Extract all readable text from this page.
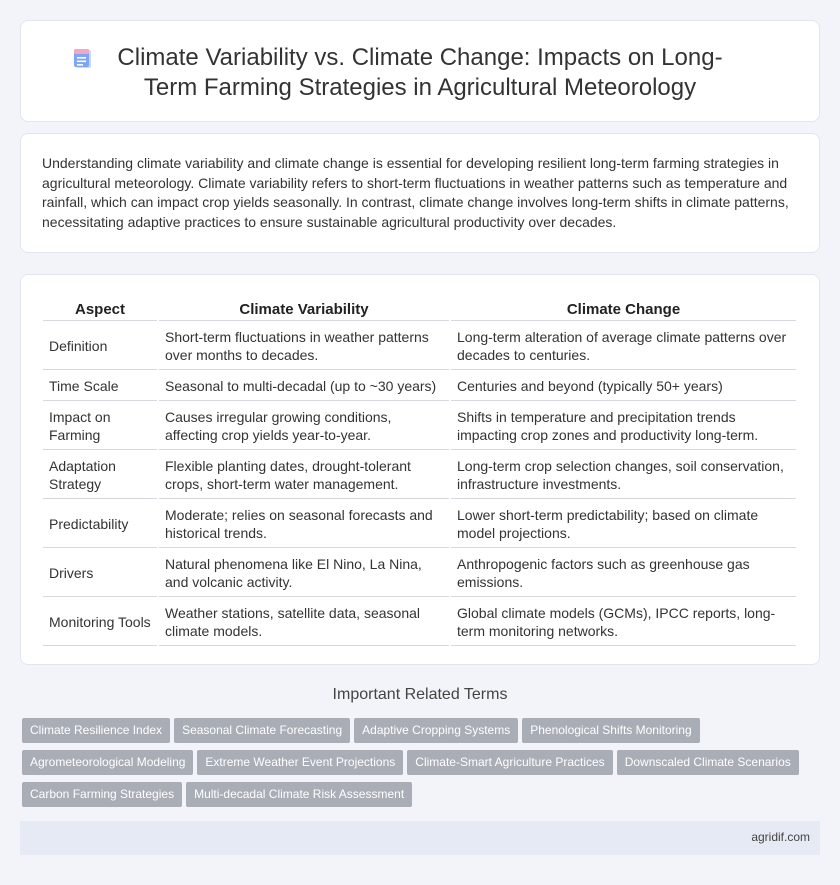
Climate Variability vs. Climate Change: Impacts on Long-Term Farming Strategies in Agricultural Meteorology

Understanding climate variability and climate change is essential for developing resilient long-term farming strategies in agricultural meteorology. Climate variability refers to short-term fluctuations in weather patterns such as temperature and rainfall, which can impact crop yields seasonally. In contrast, climate change involves long-term shifts in climate patterns, necessitating adaptive practices to ensure sustainable agricultural productivity over decades.

Aspect	Climate Variability	Climate Change
Definition	Short-term fluctuations in weather patterns over months to decades.	Long-term alteration of average climate patterns over decades to centuries.
Time Scale	Seasonal to multi-decadal (up to ~30 years)	Centuries and beyond (typically 50+ years)
Impact on Farming	Causes irregular growing conditions, affecting crop yields year-to-year.	Shifts in temperature and precipitation trends impacting crop zones and productivity long-term.
Adaptation Strategy	Flexible planting dates, drought-tolerant crops, short-term water management.	Long-term crop selection changes, soil conservation, infrastructure investments.
Predictability	Moderate; relies on seasonal forecasts and historical trends.	Lower short-term predictability; based on climate model projections.
Drivers	Natural phenomena like El Nino, La Nina, and volcanic activity.	Anthropogenic factors such as greenhouse gas emissions.
Monitoring Tools	Weather stations, satellite data, seasonal climate models.	Global climate models (GCMs), IPCC reports, long-term monitoring networks.
Important Related Terms
Climate Resilience Index Seasonal Climate Forecasting Adaptive Cropping Systems Phenological Shifts Monitoring
Agrometeorological Modeling Extreme Weather Event Projections Climate-Smart Agriculture Practices Downscaled Climate Scenarios
Carbon Farming Strategies Multi-decadal Climate Risk Assessment
agridif.com
